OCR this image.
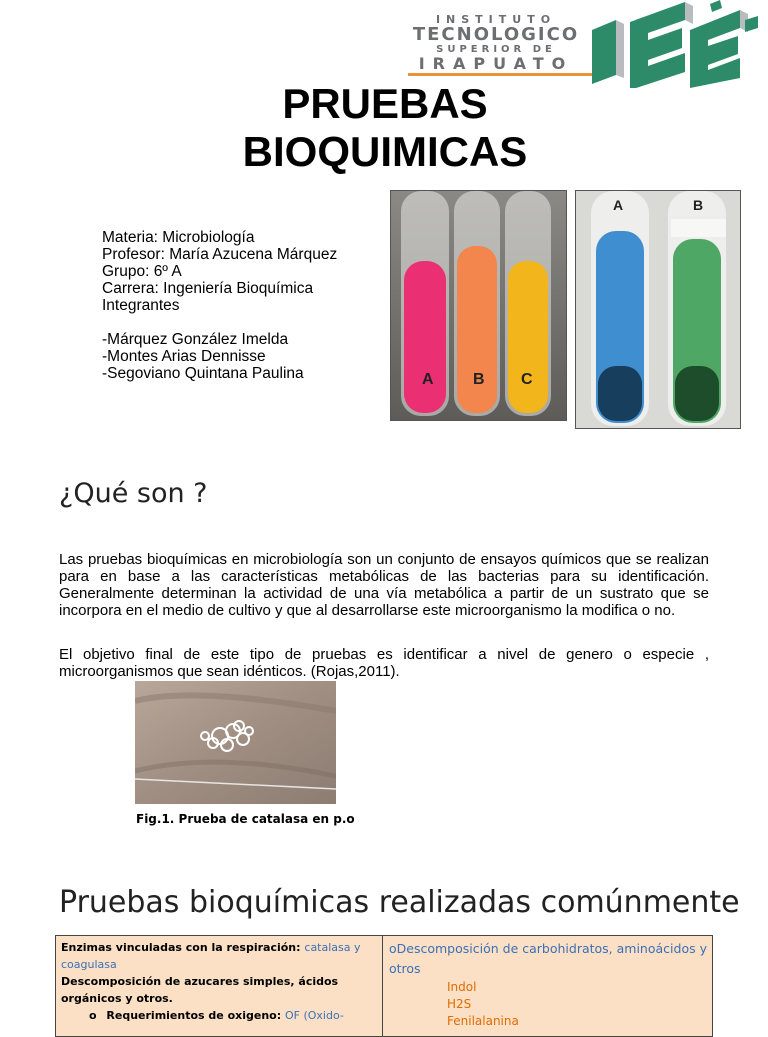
INSTITUTO
TECNOLOGICO
SUPERIOR DE
IRAPUATO
PRUEBAS
BIOQUIMICAS
Materia: Microbiología
Profesor: María Azucena Márquez
Grupo: 6º A
Carrera: Ingeniería Bioquímica
Integrantes
-Márquez González Imelda
-Montes Arias Dennisse
-Segoviano Quintana Paulina	A B C
A	B
¿Qué son ?
Las pruebas bioquímicas en microbiología son un conjunto de ensayos químicos que se realizan para en base a las características metabólicas de las bacterias para su identificación. Generalmente determinan la actividad de una vía metabólica a partir de un sustrato que se incorpora en el medio de cultivo y que al desarrollarse este microorganismo la modifica o no.
El objetivo final de este tipo de pruebas es identificar a nivel de genero o especie , microorganismos que sean idénticos. (Rojas,2011).
Fig.1. Prueba de catalasa en p.o
Pruebas bioquímicas realizadas comúnmente
Enzimas vinculadas con la respiración: catalasa y coagulasa
Descomposición de azucares simples, ácidos orgánicos y otros.
o Requerimientos de oxigeno: OF (Oxido-
oDescomposición de carbohidratos, aminoácidos y otros
Indol
H2S
Fenilalanina
